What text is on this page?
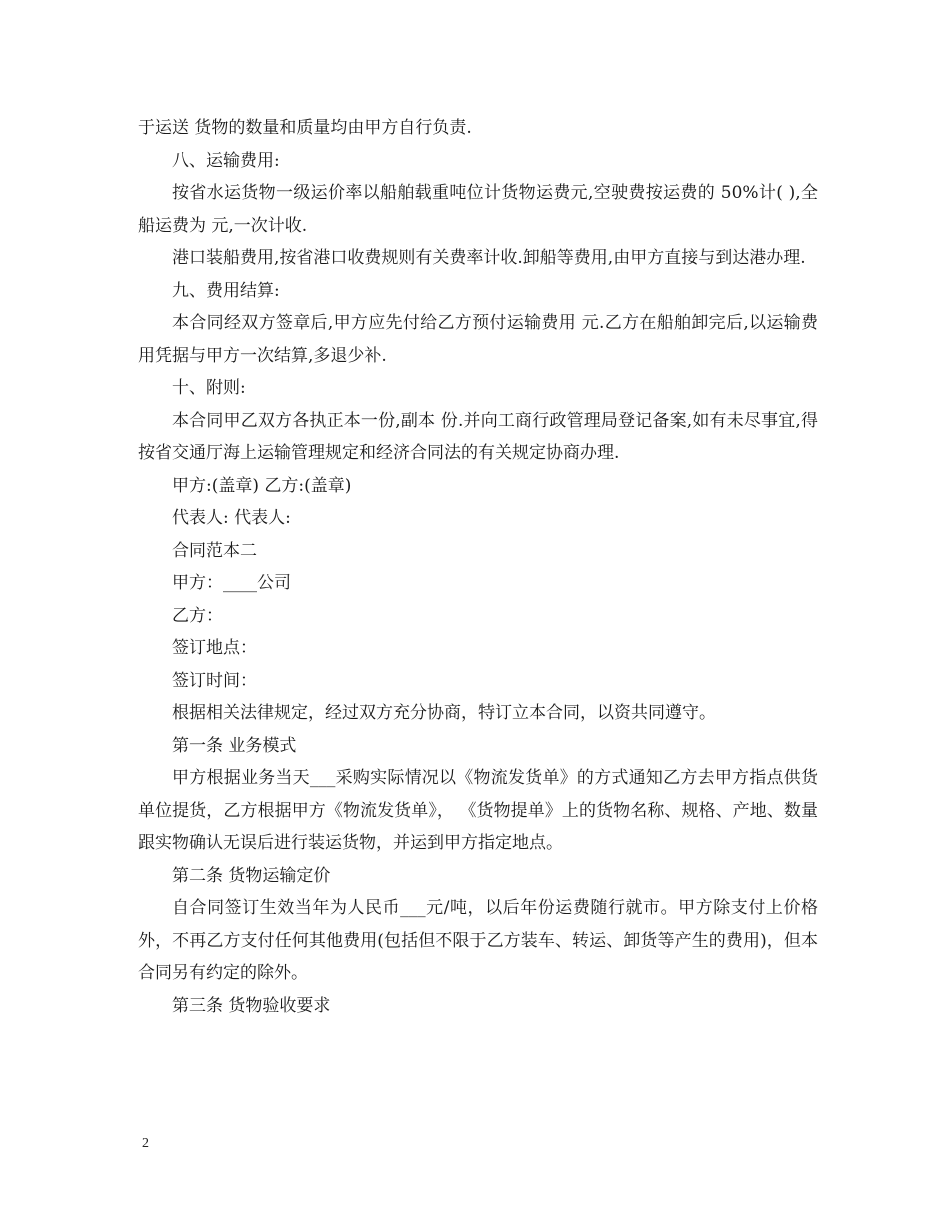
于运送 货物的数量和质量均由甲方自行负责.

八、运输费用:

按省水运货物一级运价率以船舶载重吨位计货物运费元,空驶费按运费的 50%计( ),全船运费为 元,一次计收.

港口装船费用,按省港口收费规则有关费率计收.卸船等费用,由甲方直接与到达港办理.

九、费用结算:

本合同经双方签章后,甲方应先付给乙方预付运输费用 元.乙方在船舶卸完后,以运输费用凭据与甲方一次结算,多退少补.

十、附则:

本合同甲乙双方各执正本一份,副本 份.并向工商行政管理局登记备案,如有未尽事宜,得按省交通厅海上运输管理规定和经济合同法的有关规定协商办理.

甲方:(盖章) 乙方:(盖章)

代表人: 代表人:

合同范本二

甲方：____公司

乙方：

签订地点：

签订时间：

根据相关法律规定，经过双方充分协商，特订立本合同，以资共同遵守。

第一条 业务模式

甲方根据业务当天___采购实际情况以《物流发货单》的方式通知乙方去甲方指点供货单位提货，乙方根据甲方《物流发货单》， 《货物提单》上的货物名称、规格、产地、数量跟实物确认无误后进行装运货物，并运到甲方指定地点。

第二条 货物运输定价

自合同签订生效当年为人民币___元/吨，以后年份运费随行就市。甲方除支付上价格外，不再乙方支付任何其他费用(包括但不限于乙方装车、转运、卸货等产生的费用)，但本合同另有约定的除外。

第三条 货物验收要求

2
